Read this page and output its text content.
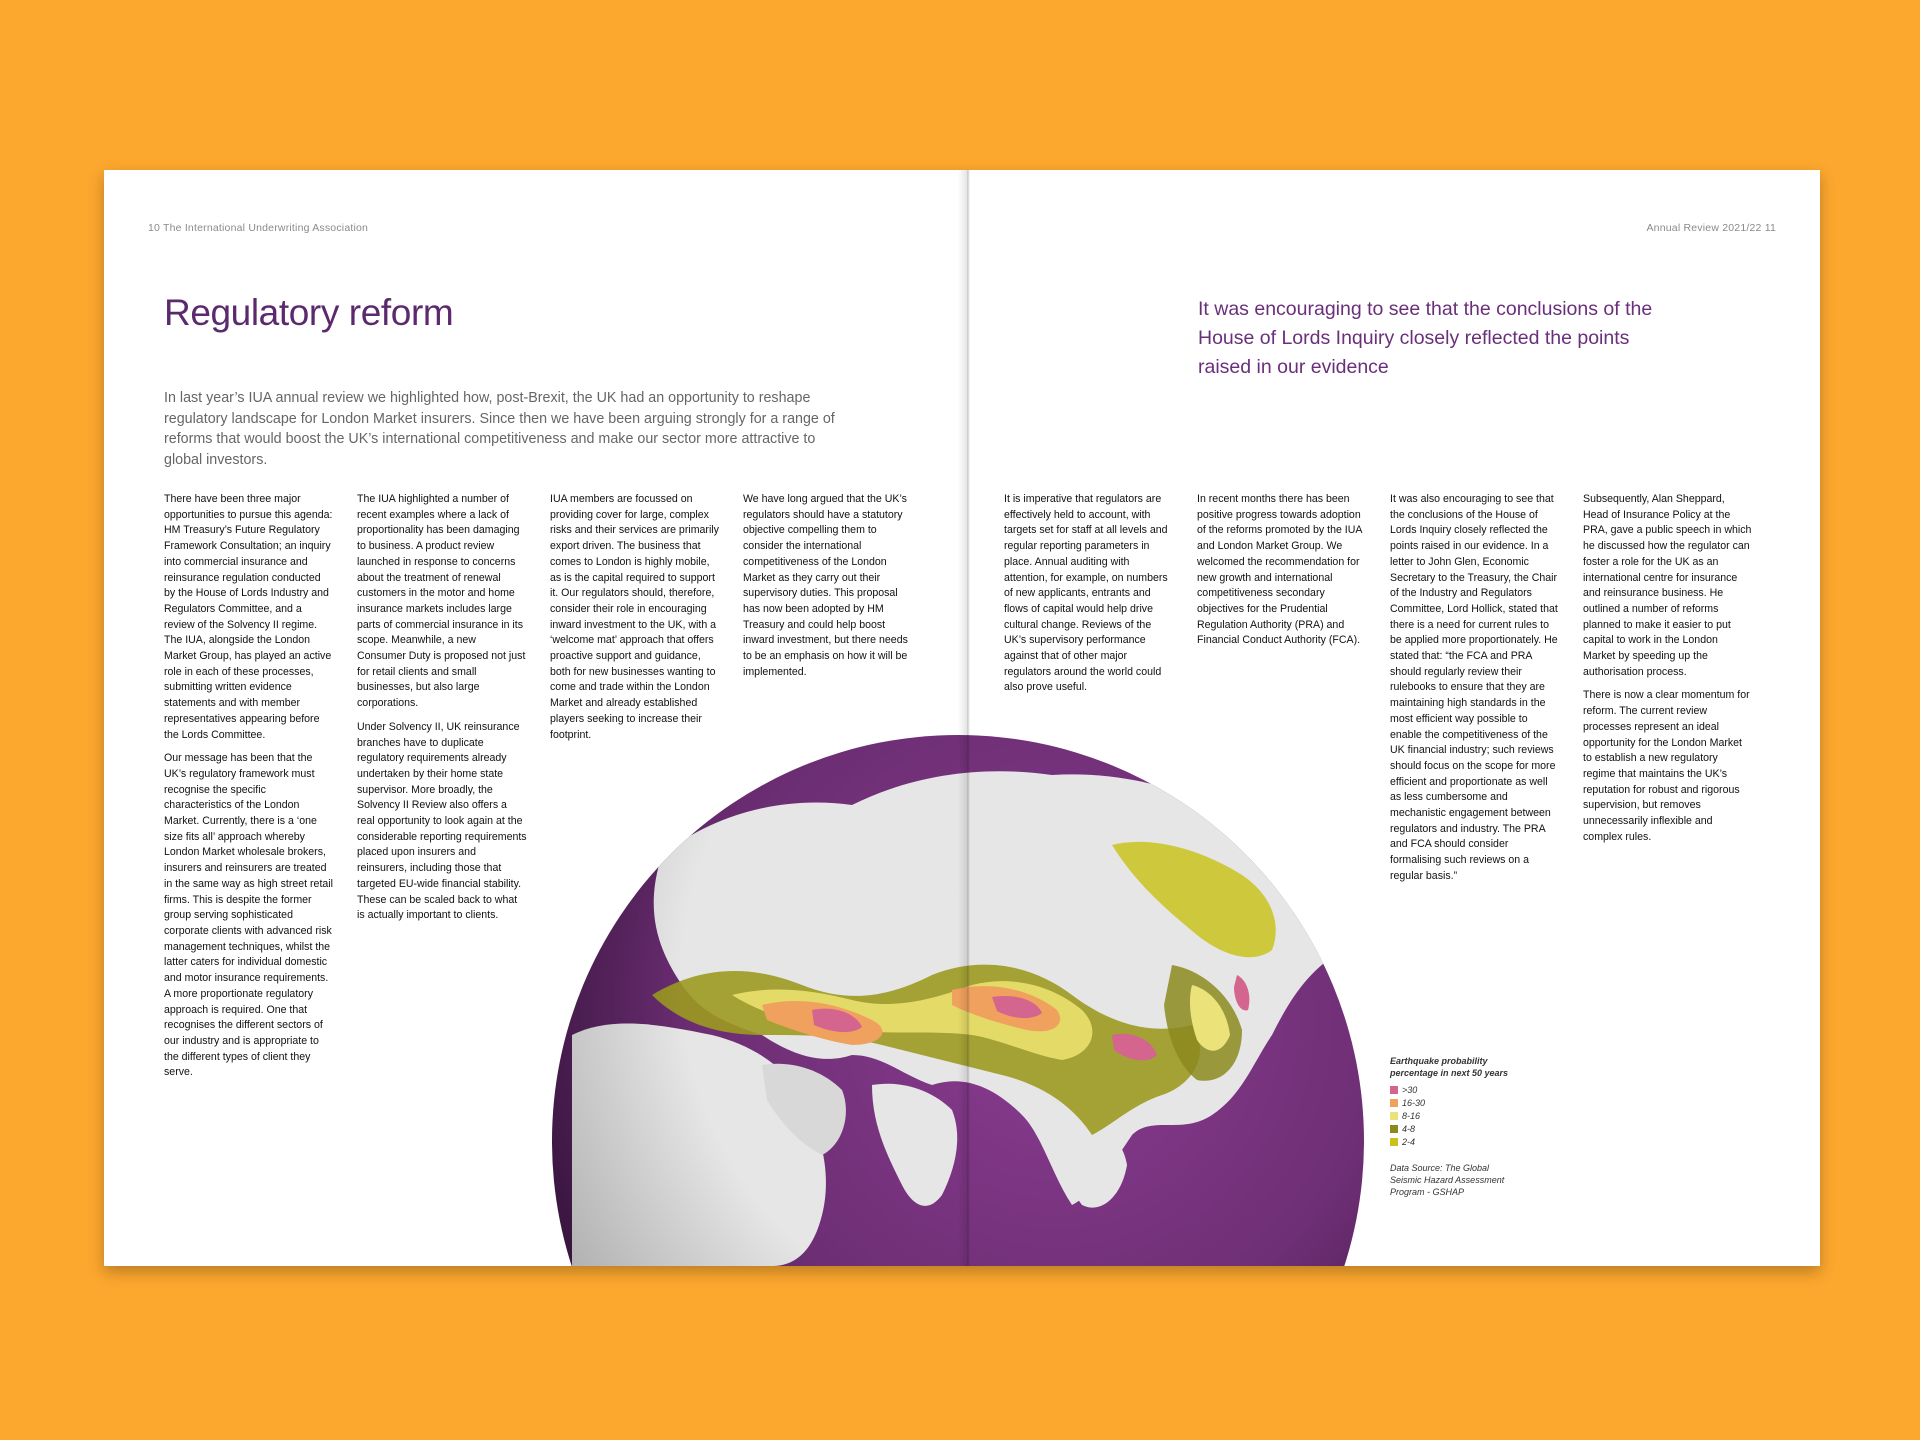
10 The International Underwriting Association	Annual Review 2021/22 11
Regulatory reform	It was encouraging to see that the conclusions of the House of Lords Inquiry closely reflected the points raised in our evidence

In last year’s IUA annual review we highlighted how, post-Brexit, the UK had an opportunity to reshape regulatory landscape for London Market insurers. Since then we have been arguing strongly for a range of reforms that would boost the UK’s international competitiveness and make our sector more attractive to global investors.

There have been three major opportunities to pursue this agenda: HM Treasury’s Future Regulatory Framework Consultation; an inquiry into commercial insurance and reinsurance regulation conducted by the House of Lords Industry and Regulators Committee, and a review of the Solvency II regime. The IUA, alongside the London Market Group, has played an active role in each of these processes, submitting written evidence statements and with member representatives appearing before the Lords Committee.

Our message has been that the UK’s regulatory framework must recognise the specific characteristics of the London Market. Currently, there is a ‘one size fits all’ approach whereby London Market wholesale brokers, insurers and reinsurers are treated in the same way as high street retail firms. This is despite the former group serving sophisticated corporate clients with advanced risk management techniques, whilst the latter caters for individual domestic and motor insurance requirements. A more proportionate regulatory approach is required. One that recognises the different sectors of our industry and is appropriate to the different types of client they serve.

The IUA highlighted a number of recent examples where a lack of proportionality has been damaging to business. A product review launched in response to concerns about the treatment of renewal customers in the motor and home insurance markets includes large parts of commercial insurance in its scope. Meanwhile, a new Consumer Duty is proposed not just for retail clients and small businesses, but also large corporations.

Under Solvency II, UK reinsurance branches have to duplicate regulatory requirements already undertaken by their home state supervisor. More broadly, the Solvency II Review also offers a real opportunity to look again at the considerable reporting requirements placed upon insurers and reinsurers, including those that targeted EU-wide financial stability. These can be scaled back to what is actually important to clients.

IUA members are focussed on providing cover for large, complex risks and their services are primarily export driven. The business that comes to London is highly mobile, as is the capital required to support it. Our regulators should, therefore, consider their role in encouraging inward investment to the UK, with a ‘welcome mat’ approach that offers proactive support and guidance, both for new businesses wanting to come and trade within the London Market and already established players seeking to increase their footprint.

We have long argued that the UK’s regulators should have a statutory objective compelling them to consider the international competitiveness of the London Market as they carry out their supervisory duties. This proposal has now been adopted by HM Treasury and could help boost inward investment, but there needs to be an emphasis on how it will be implemented.

It is imperative that regulators are effectively held to account, with targets set for staff at all levels and regular reporting parameters in place. Annual auditing with attention, for example, on numbers of new applicants, entrants and flows of capital would help drive cultural change. Reviews of the UK’s supervisory performance against that of other major regulators around the world could also prove useful.

In recent months there has been positive progress towards adoption of the reforms promoted by the IUA and London Market Group. We welcomed the recommendation for new growth and international competitiveness secondary objectives for the Prudential Regulation Authority (PRA) and Financial Conduct Authority (FCA).

It was also encouraging to see that the conclusions of the House of Lords Inquiry closely reflected the points raised in our evidence. In a letter to John Glen, Economic Secretary to the Treasury, the Chair of the Industry and Regulators Committee, Lord Hollick, stated that there is a need for current rules to be applied more proportionately. He stated that: “the FCA and PRA should regularly review their rulebooks to ensure that they are maintaining high standards in the most efficient way possible to enable the competitiveness of the UK financial industry; such reviews should focus on the scope for more efficient and proportionate as well as less cumbersome and mechanistic engagement between regulators and industry. The PRA and FCA should consider formalising such reviews on a regular basis.”

Subsequently, Alan Sheppard, Head of Insurance Policy at the PRA, gave a public speech in which he discussed how the regulator can foster a role for the UK as an international centre for insurance and reinsurance business. He outlined a number of reforms planned to make it easier to put capital to work in the London Market by speeding up the authorisation process.

There is now a clear momentum for reform. The current review processes represent an ideal opportunity for the London Market to establish a new regulatory regime that maintains the UK’s reputation for robust and rigorous supervision, but removes unnecessarily inflexible and complex rules.

Earthquake probability percentage in next 50 years
>30
16-30
8-16
4-8
2-4
Data Source: The Global Seismic Hazard Assessment Program - GSHAP
